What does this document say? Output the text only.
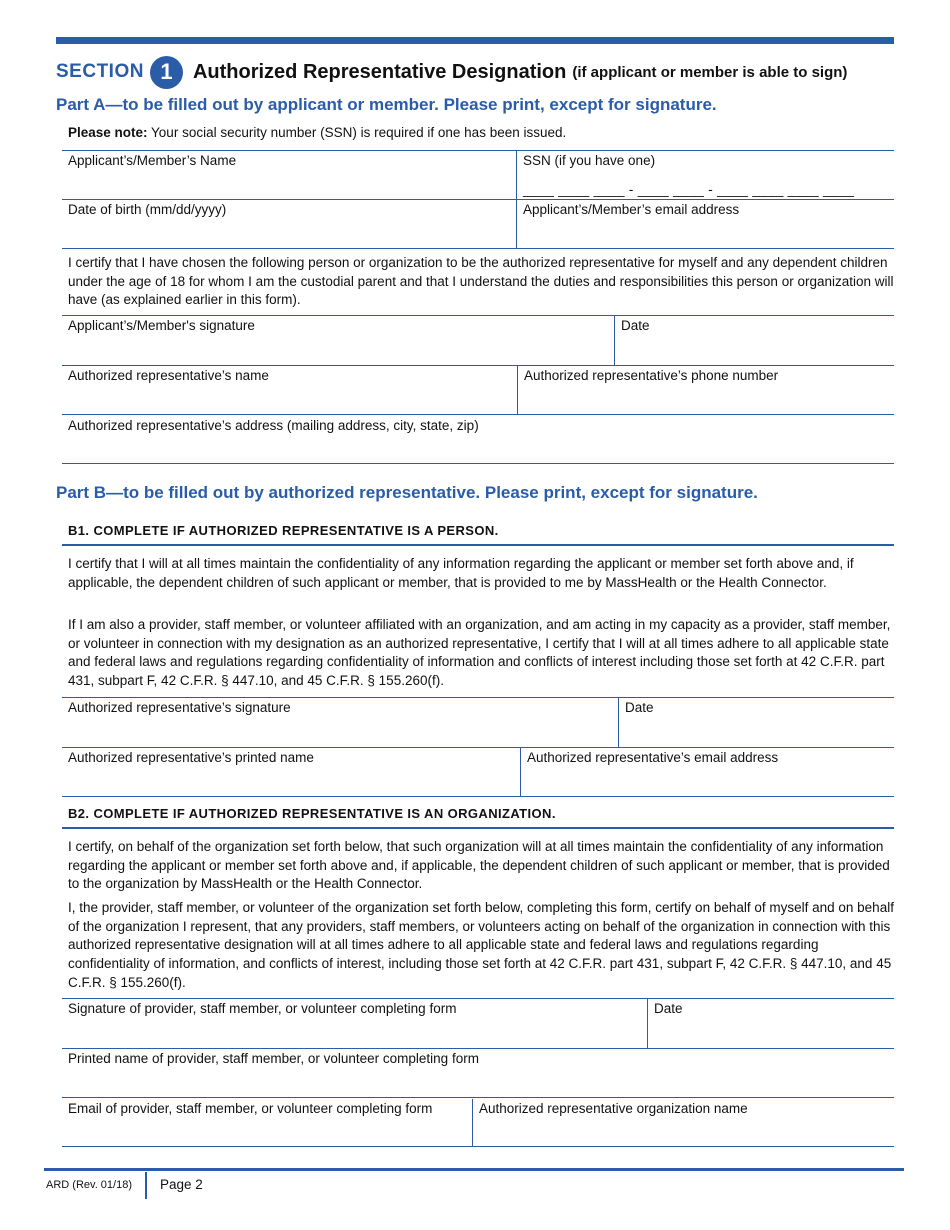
SECTION 1	Authorized Representative Designation (if applicant or member is able to sign)
Part A—to be filled out by applicant or member. Please print, except for signature.
Please note: Your social security number (SSN) is required if one has been issued.
Applicant’s/Member’s Name	SSN (if you have one)
____ ____ ____ - ____ ____ - ____ ____ ____ ____
Date of birth (mm/dd/yyyy)	Applicant’s/Member’s email address
I certify that I have chosen the following person or organization to be the authorized representative for myself and any dependent children under the age of 18 for whom I am the custodial parent and that I understand the duties and responsibilities this person or organization will have (as explained earlier in this form).
Applicant’s/Member's signature	Date
Authorized representative’s name	Authorized representative’s phone number
Authorized representative’s address (mailing address, city, state, zip)
Part B—to be filled out by authorized representative. Please print, except for signature.
B1. COMPLETE IF AUTHORIZED REPRESENTATIVE IS A PERSON.
I certify that I will at all times maintain the confidentiality of any information regarding the applicant or member set forth above and, if applicable, the dependent children of such applicant or member, that is provided to me by MassHealth or the Health Connector.
If I am also a provider, staff member, or volunteer affiliated with an organization, and am acting in my capacity as a provider, staff member, or volunteer in connection with my designation as an authorized representative, I certify that I will at all times adhere to all applicable state and federal laws and regulations regarding confidentiality of information and conflicts of interest including those set forth at 42 C.F.R. part 431, subpart F, 42 C.F.R. § 447.10, and 45 C.F.R. § 155.260(f).
Authorized representative’s signature	Date
Authorized representative’s printed name	Authorized representative’s email address
B2. COMPLETE IF AUTHORIZED REPRESENTATIVE IS AN ORGANIZATION.
I certify, on behalf of the organization set forth below, that such organization will at all times maintain the confidentiality of any information regarding the applicant or member set forth above and, if applicable, the dependent children of such applicant or member, that is provided to the organization by MassHealth or the Health Connector.
I, the provider, staff member, or volunteer of the organization set forth below, completing this form, certify on behalf of myself and on behalf of the organization I represent, that any providers, staff members, or volunteers acting on behalf of the organization in connection with this authorized representative designation will at all times adhere to all applicable state and federal laws and regulations regarding confidentiality of information, and conflicts of interest, including those set forth at 42 C.F.R. part 431, subpart F, 42 C.F.R. § 447.10, and 45 C.F.R. § 155.260(f).
Signature of provider, staff member, or volunteer completing form	Date
Printed name of provider, staff member, or volunteer completing form
Email of provider, staff member, or volunteer completing form	Authorized representative organization name
ARD (Rev. 01/18) Page 2
